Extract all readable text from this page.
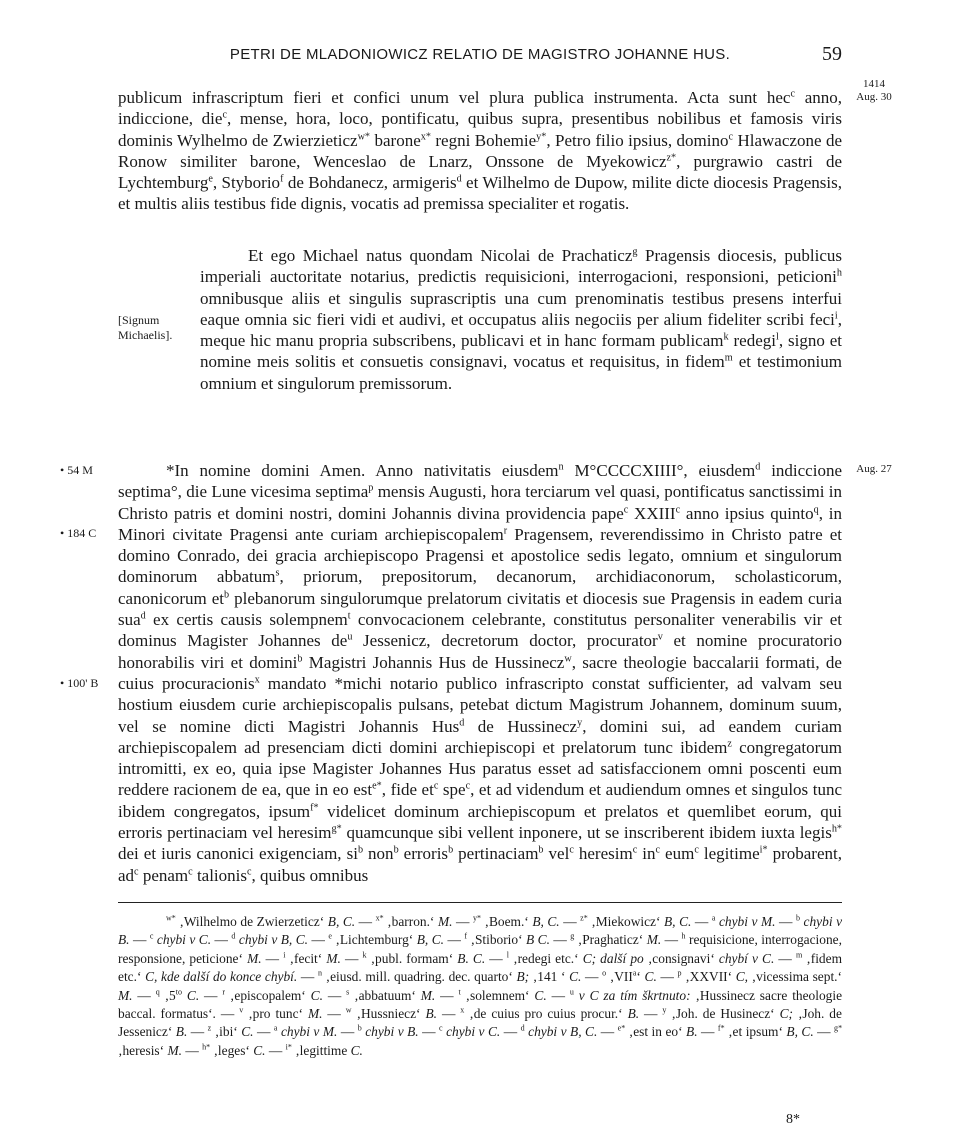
PETRI DE MLADONIOWICZ RELATIO DE MAGISTRO JOHANNE HUS.	59
1414
Aug. 30

publicum infrascriptum fieri et confici unum vel plura publica instrumenta. Acta sunt hec$^c$ anno, indiccione, die$^c$, mense, hora, loco, pontificatu, quibus supra, presentibus nobilibus et famosis viris dominis Wylhelmo de Zwierzieticz$^{w*}$ barone$^{x*}$ regni Bohemie$^{y*}$, Petro filio ipsius, domino$^c$ Hlawaczone de Ronow similiter barone, Wenceslao de Lnarz, Onssone de Myekowicz$^{z*}$, purgrawio castri de Lychtemburg$^e$, Styborio$^f$ de Bohdanecz, armigeris$^d$ et Wilhelmo de Dupow, milite dicte diocesis Pragensis, et multis aliis testibus fide dignis, vocatis ad premissa specialiter et rogatis.

Et ego Michael natus quondam Nicolai de Prachaticz$^g$ Pragensis diocesis, publicus imperiali auctoritate notarius, predictis requisicioni, interrogacioni, responsioni, peticioni$^h$ omnibusque aliis et singulis suprascriptis una cum prenominatis testibus presens interfui eaque omnia sic fieri vidi et audivi, et occupatus aliis negociis per alium fideliter scribi feci$^i$, meque hic manu propria subscribens, publicavi et in hanc formam publicam$^k$ redegi$^l$, signo et nomine meis solitis et consuetis consignavi, vocatus et requisitus, in fidem$^m$ et testimonium omnium et singulorum premissorum.

[Signum Michaelis].
• 54 M	Aug. 27
• 184 C
• 100' B

*In nomine domini Amen. Anno nativitatis eiusdem$^n$ M°CCCCXIIII°, eiusdem$^d$ indiccione septima°, die Lune vicesima septima$^p$ mensis Augusti, hora terciarum vel quasi, pontificatus sanctissimi in Christo patris et domini nostri, domini Johannis divina providencia pape$^c$ XXIII$^c$ anno ipsius quinto$^q$, in Minori civitate Pragensi ante curiam archiepiscopalem$^r$ Pragensem, reverendissimo in Christo patre et domino Conrado, dei gracia archiepiscopo Pragensi et apostolice sedis legato, omnium et singulorum dominorum abbatum$^s$, priorum, prepositorum, decanorum, archidiaconorum, scholasticorum, canonicorum $et^b$ plebanorum singulorumque prelatorum civitatis et diocesis sue Pragensis in eadem curia sua$^d$ ex certis causis solempnem$^t$ convocacionem celebrante, constitutus personaliter venerabilis vir et dominus Magister Johannes $de^u$ Jessenicz, decretorum doctor, procurator$^v$ et nomine procuratorio honorabilis viri et domini$^b$ Magistri Johannis Hus de Hussinecz$^w$, sacre theologie baccalarii formati, de cuius procuracionis$^x$ mandato *michi notario publico infrascripto constat sufficienter, ad valvam seu hostium eiusdem curie archiepiscopalis pulsans, petebat dictum Magistrum Johannem, dominum suum, vel se nomine dicti Magistri Johannis Hus$^d$ de Hussinecz$^y$, domini sui, ad eandem curiam archiepiscopalem ad presenciam dicti domini archiepiscopi et prelatorum tunc ibidem$^z$ congregatorum intromitti, ex eo, quia ipse Magister Johannes Hus paratus esset ad satisfaccionem omni poscenti eum reddere racionem de ea, que in eo est$^{e*}$, fide $et^c$ spe$^c$, et ad videndum et audiendum omnes et singulos tunc ibidem congregatos, ipsum$^{f*}$ videlicet dominum archiepiscopum et prelatos et quemlibet eorum, qui erroris pertinaciam vel heresim$^{g*}$ quamcunque sibi vellent inponere, ut se inscriberent ibidem iuxta legis$^{h*}$ dei et iuris canonici exigenciam, $si^b$ non$^b$ erroris$^b$ pertinaciam$^b$ vel$^c$ heresim$^c$ $in^c$ eum$^c$ legitime$^{i*}$ probarent, $ad^c$ penam$^c$ talionis$^c$, quibus omnibus

$^{w*}$ ‚Wilhelmo de Zwierzeticz‘ B, C. — $^{x*}$ ‚barron.‘ M. — $^{y*}$ ‚Boem.‘ B, C. — $^{z*}$ ‚Miekowicz‘ B, C. — $^a$ chybi v M. — $^b$ chybi v B. — $^c$ chybi v C. — $^d$ chybi v B, C. — $^e$ ‚Lichtemburg‘ B, C. — $^f$ ‚Stiborio‘ B C. — $^g$ ‚Praghaticz‘ M. — $^h$ requisicione, interrogacione, responsione, peticione‘ M. — $^i$ ‚fecit‘ M. — $^k$ ‚publ. formam‘ B. C. — $^l$ ‚redegi etc.‘ C; další po ‚consignavi‘ chybí v C. — $^m$ ‚fidem etc.‘ C, kde další do konce chybí. — $^n$ ‚eiusd. mill. quadring. dec. quarto‘ B; ‚141 ‘ C. — $^o$ ‚VII$^a$‘ C. — $^p$ ‚XXVII‘ C, ‚vicessima sept.‘ M. — $^q$ $‚5^{to}$ C. — $^r$ ‚episcopalem‘ C. — $^s$ ‚abbatuum‘ M. — $^t$ ‚solemnem‘ C. — $^u$ v C za tím škrtnuto: ‚Hussinecz sacre theologie baccal. formatus‘. — $^v$ ‚pro tunc‘ M. — $^w$ ‚Hussniecz‘ B. — $^x$ ‚de cuius pro cuius procur.‘ B. — $^y$ ‚Joh. de Husinecz‘ C; ‚Joh. de Jessenicz‘ B. — $^z$ ‚ibi‘ C. — $^a$ chybi v M. — $^b$ chybi v B. — $^c$ chybi v C. — $^d$ chybi v B, C. — $^{e*}$ ‚est in eo‘ B. — $^{f*}$ ‚et ipsum‘ B, C. — $^{g*}$ ‚heresis‘ M. — $^{h*}$ ‚leges‘ C. — $^{i*}$ ‚legittime C.

8*
